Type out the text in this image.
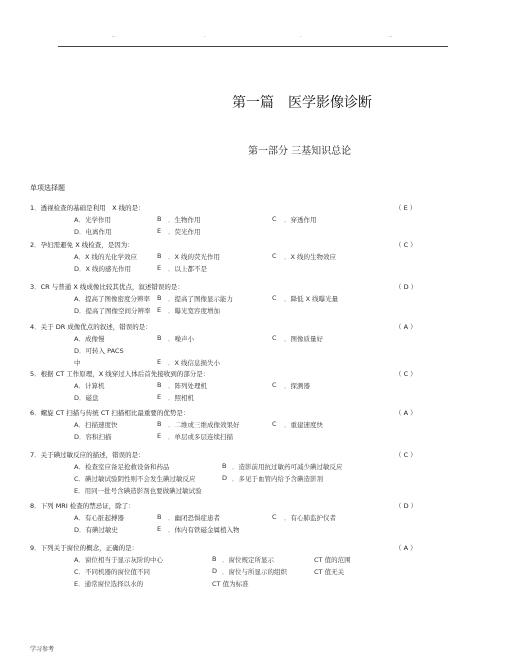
..	.	.	..
第一篇　医学影像诊断
第一部分 三基知识总论
单项选择题
1．透视检查的基础是利用　X 线的是：	（ E ）
A．光学作用	B ．生物作用	C ．穿透作用
D．电离作用	E ．荧光作用
2．孕妇需避免 X 线检查，是因为：	（ C ）
A．X 线的光化学效应	B ．X 线的荧光作用	C ．X 线的生物效应
D．X 线的感光作用	E ．以上都不是
3．CR 与普通 X 线成像比较其优点，叙述错误的是：	（ D ）
A．提高了图像密度分辨率 B ．提高了图像显示能力	C ．降低 X 线曝光量
D．提高了图像空间分辨率 E ．曝光宽容度增加
4．关于 DR 成像优点的叙述，错误的是：	（ A ）
A．成像慢	B ．噪声小	C ．图像质量好
D．可转入 PACS
中	E ．X 线信息损失小
5．根据 CT 工作原理，X 线穿过人体后首先接收到的部分是：	（ C ）
A．计算机	B ．阵列处理机	C ．探测器
D．磁盘	E ．照相机
6．螺旋 CT 扫描与传统 CT 扫描相比最重要的优势是：	（ A ）
A．扫描速度快	B ．二维或三维成像效果好	C ．重建速度快
D．容积扫描	E ．单层或多层连续扫描
7．关于碘过敏反应的描述，错误的是：	（ C ）
A．检查室应备足抢救设备和药品	B ．造影前用抗过敏药可减少碘过敏反应
C．碘过敏试验阴性则不会发生碘过敏反应	D ．多见于血管内给予含碘造影剂
E．用同一批号含碘造影剂也要做碘过敏试验
8．下列 MRI 检查的禁忌证，除了：	（ D ）
A．有心脏起搏器	B ．幽闭恐惧症患者	C ．有心肺监护仪者
D．有碘过敏史	E ．体内有铁磁金属植入物
9．下列关于窗位的概念，正确的是：	（ A ）
A．窗位相当于显示灰阶的中心	B ．窗位规定所显示	CT 值的范围
C．不同机器的窗位值不同	D ．窗位与所显示的组织	CT 值无关
E．通常窗位选择以水的	CT 值为标准
学习参考
